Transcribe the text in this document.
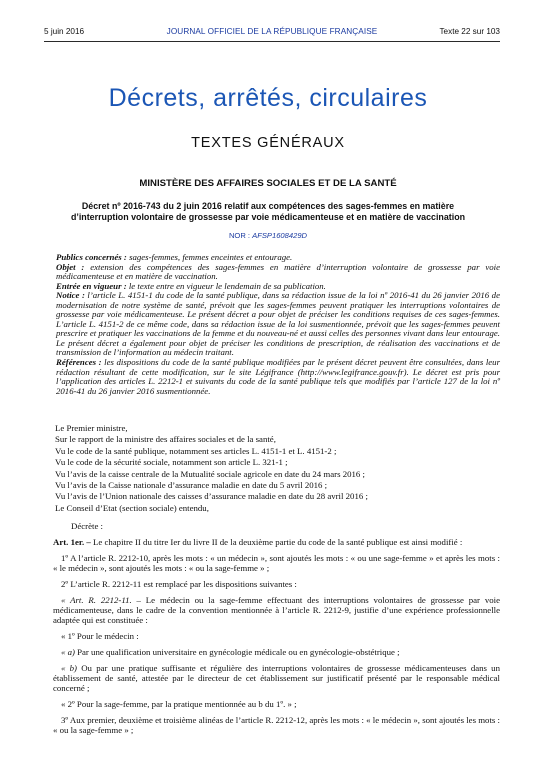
5 juin 2016	JOURNAL OFFICIEL DE LA RÉPUBLIQUE FRANÇAISE	Texte 22 sur 103
Décrets, arrêtés, circulaires
TEXTES GÉNÉRAUX
MINISTÈRE DES AFFAIRES SOCIALES ET DE LA SANTÉ
Décret nº 2016-743 du 2 juin 2016 relatif aux compétences des sages-femmes en matière
d’interruption volontaire de grossesse par voie médicamenteuse et en matière de vaccination
NOR : AFSP1608429D

Publics concernés : sages-femmes, femmes enceintes et entourage.

Objet : extension des compétences des sages-femmes en matière d’interruption volontaire de grossesse par voie médicamenteuse et en matière de vaccination.

Entrée en vigueur : le texte entre en vigueur le lendemain de sa publication.

Notice : l’article L. 4151-1 du code de la santé publique, dans sa rédaction issue de la loi nº 2016-41 du 26 janvier 2016 de modernisation de notre système de santé, prévoit que les sages-femmes peuvent pratiquer les interruptions volontaires de grossesse par voie médicamenteuse. Le présent décret a pour objet de préciser les conditions requises de ces sages-femmes. L’article L. 4151-2 de ce même code, dans sa rédaction issue de la loi susmentionnée, prévoit que les sages-femmes peuvent prescrire et pratiquer les vaccinations de la femme et du nouveau-né et aussi celles des personnes vivant dans leur entourage. Le présent décret a également pour objet de préciser les conditions de prescription, de réalisation des vaccinations et de transmission de l’information au médecin traitant.

Références : les dispositions du code de la santé publique modifiées par le présent décret peuvent être consultées, dans leur rédaction résultant de cette modification, sur le site Légifrance (http://www.legifrance.gouv.fr). Le décret est pris pour l’application des articles L. 2212-1 et suivants du code de la santé publique tels que modifiés par l’article 127 de la loi nº 2016-41 du 26 janvier 2016 susmentionnée.

Le Premier ministre,

Sur le rapport de la ministre des affaires sociales et de la santé,

Vu le code de la santé publique, notamment ses articles L. 4151-1 et L. 4151-2 ;

Vu le code de la sécurité sociale, notamment son article L. 321-1 ;

Vu l’avis de la caisse centrale de la Mutualité sociale agricole en date du 24 mars 2016 ;

Vu l’avis de la Caisse nationale d’assurance maladie en date du 5 avril 2016 ;

Vu l’avis de l’Union nationale des caisses d’assurance maladie en date du 28 avril 2016 ;

Le Conseil d’Etat (section sociale) entendu,

Décrète :

Art. 1er. – Le chapitre II du titre Ier du livre II de la deuxième partie du code de la santé publique est ainsi modifié :

1º A l’article R. 2212-10, après les mots : « un médecin », sont ajoutés les mots : « ou une sage-femme » et après les mots : « le médecin », sont ajoutés les mots : « ou la sage-femme » ;

2º L’article R. 2212-11 est remplacé par les dispositions suivantes :

« Art. R. 2212-11. – Le médecin ou la sage-femme effectuant des interruptions volontaires de grossesse par voie médicamenteuse, dans le cadre de la convention mentionnée à l’article R. 2212-9, justifie d’une expérience professionnelle adaptée qui est constituée :

« 1º Pour le médecin :

« a) Par une qualification universitaire en gynécologie médicale ou en gynécologie-obstétrique ;

« b) Ou par une pratique suffisante et régulière des interruptions volontaires de grossesse médicamenteuses dans un établissement de santé, attestée par le directeur de cet établissement sur justificatif présenté par le responsable médical concerné ;

« 2º Pour la sage-femme, par la pratique mentionnée au b du 1º. » ;

3º Aux premier, deuxième et troisième alinéas de l’article R. 2212-12, après les mots : « le médecin », sont ajoutés les mots : « ou la sage-femme » ;
